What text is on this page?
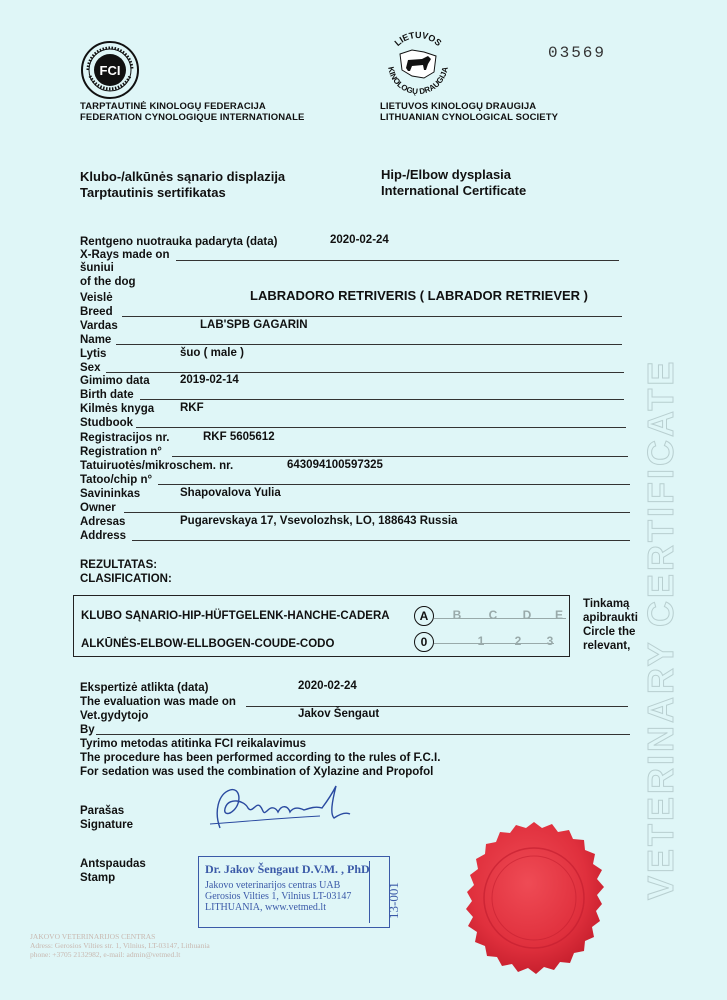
FCI
TARPTAUTINĖ KINOLOGŲ FEDERACIJA
FEDERATION CYNOLOGIQUE INTERNATIONALE
LIETUVOS
KINOLOGŲ DRAUGIJA
LIETUVOS KINOLOGŲ DRAUGIJA
LITHUANIAN CYNOLOGICAL SOCIETY
03569
Klubo-/alkūnės sąnario displazija
Tarptautinis sertifikatas
Hip-/Elbow dysplasia
International Certificate
Rentgeno nuotrauka padaryta (data)	2020-02-24
X-Rays made on
šuniui
of the dog
Veislė	LABRADORO RETRIVERIS ( LABRADOR RETRIEVER )
Breed
Vardas	LAB'SPB GAGARIN
Name
Lytis	šuo ( male )
Sex
Gimimo data	2019-02-14
Birth date
Kilmės knyga RKF
Studbook
Registracijos nr.	RKF 5605612
Registration n°
Tatuiruotės/mikroschem. nr.	643094100597325
Tatoo/chip n°
Savininkas	Shapovalova Yulia
Owner
Adresas	Pugarevskaya 17, Vsevolozhsk, LO, 188643 Russia
Address
REZULTATAS:
CLASIFICATION:
KLUBO SĄNARIO-HIP-HÜFTGELENK-HANCHE-CADERA
ALKŪNĖS-ELBOW-ELLBOGEN-COUDE-CODO
A	B	C	D	E
0	1	2	3
Tinkamą
apibraukti
Circle the
relevant,
Ekspertizė atlikta (data)	2020-02-24
The evaluation was made on
Vet.gydytojo	Jakov Šengaut
By
Tyrimo metodas atitinka FCI reikalavimus
The procedure has been performed according to the rules of F.C.I.
For sedation was used the combination of Xylazine and Propofol
Parašas
Signature
Antspaudas
Stamp
Dr. Jakov Šengaut D.V.M. , PhD
Jakovo veterinarijos centras UAB
Gerosios Viltiеs 1, Vilnius LT-03147
LITHUANIA, www.vetmed.lt	13-001
VETERINARY CERTIFICATE
JAKOVO VETERINARIJOS CENTRAS
Adress: Gerosios Vilties str. 1, Vilnius, LT-03147, Lithuania
phone: +3705 2132982, e-mail: admin@vetmed.lt
